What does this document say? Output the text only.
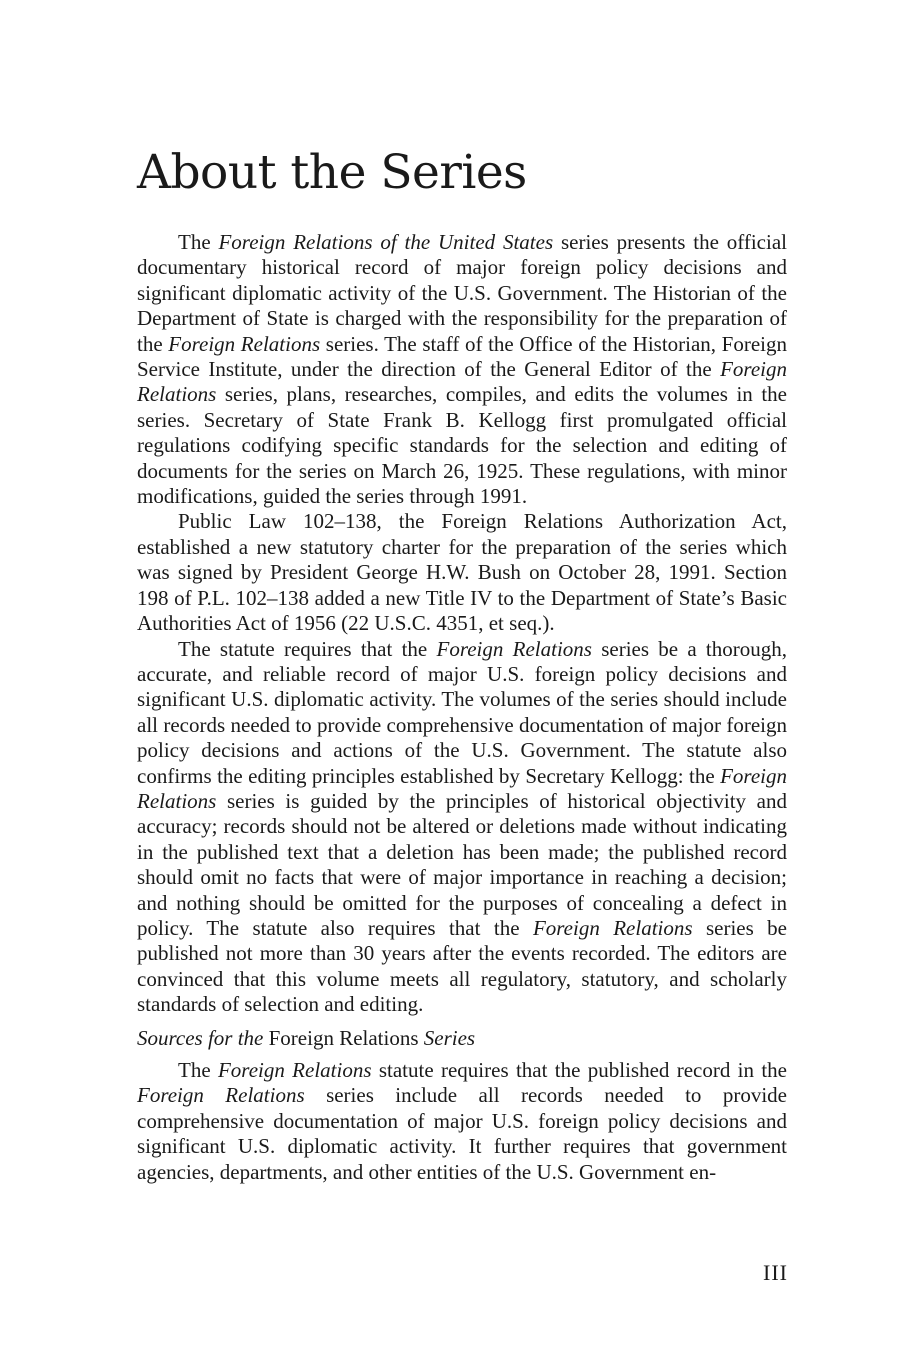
About the Series

The Foreign Relations of the United States series presents the official documentary historical record of major foreign policy decisions and significant diplomatic activity of the U.S. Government. The Historian of the Department of State is charged with the responsibility for the preparation of the Foreign Relations series. The staff of the Office of the Historian, Foreign Service Institute, under the direction of the General Editor of the Foreign Relations series, plans, researches, compiles, and edits the volumes in the series. Secretary of State Frank B. Kellogg first promulgated official regulations codifying specific standards for the selection and editing of documents for the series on March 26, 1925. These regulations, with minor modifications, guided the series through 1991.

Public Law 102–138, the Foreign Relations Authorization Act, established a new statutory charter for the preparation of the series which was signed by President George H.W. Bush on October 28, 1991. Section 198 of P.L. 102–138 added a new Title IV to the Department of State’s Basic Authorities Act of 1956 (22 U.S.C. 4351, et seq.).

The statute requires that the Foreign Relations series be a thorough, accurate, and reliable record of major U.S. foreign policy decisions and significant U.S. diplomatic activity. The volumes of the series should include all records needed to provide comprehensive documentation of major foreign policy decisions and actions of the U.S. Government. The statute also confirms the editing principles established by Secretary Kellogg: the Foreign Relations series is guided by the principles of historical objectivity and accuracy; records should not be altered or deletions made without indicating in the published text that a deletion has been made; the published record should omit no facts that were of major importance in reaching a decision; and nothing should be omitted for the purposes of concealing a defect in policy. The statute also requires that the Foreign Relations series be published not more than 30 years after the events recorded. The editors are convinced that this volume meets all regulatory, statutory, and scholarly standards of selection and editing.

Sources for the Foreign Relations Series

The Foreign Relations statute requires that the published record in the Foreign Relations series include all records needed to provide comprehensive documentation of major U.S. foreign policy decisions and significant U.S. diplomatic activity. It further requires that government agencies, departments, and other entities of the U.S. Government en-

III
